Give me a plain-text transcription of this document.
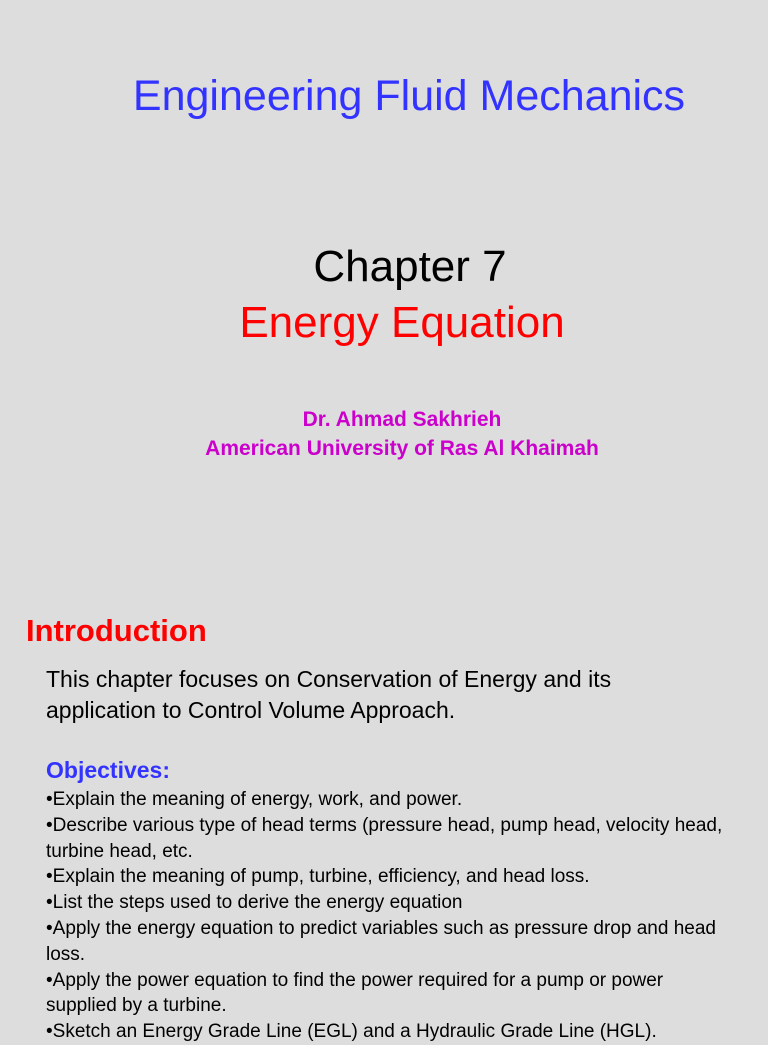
Engineering Fluid Mechanics
Chapter 7
Energy Equation
Dr. Ahmad Sakhrieh
American University of Ras Al Khaimah
Introduction
This chapter focuses on Conservation of Energy and its application to Control Volume Approach.
Objectives:
•Explain the meaning of energy, work, and power.
•Describe various type of head terms (pressure head, pump head, velocity head, turbine head, etc.
•Explain the meaning of pump, turbine, efficiency, and head loss.
•List the steps used to derive the energy equation
•Apply the energy equation to predict variables such as pressure drop and head loss.
•Apply the power equation to find the power required for a pump or power supplied by a turbine.
•Sketch an Energy Grade Line (EGL) and a Hydraulic Grade Line (HGL).
